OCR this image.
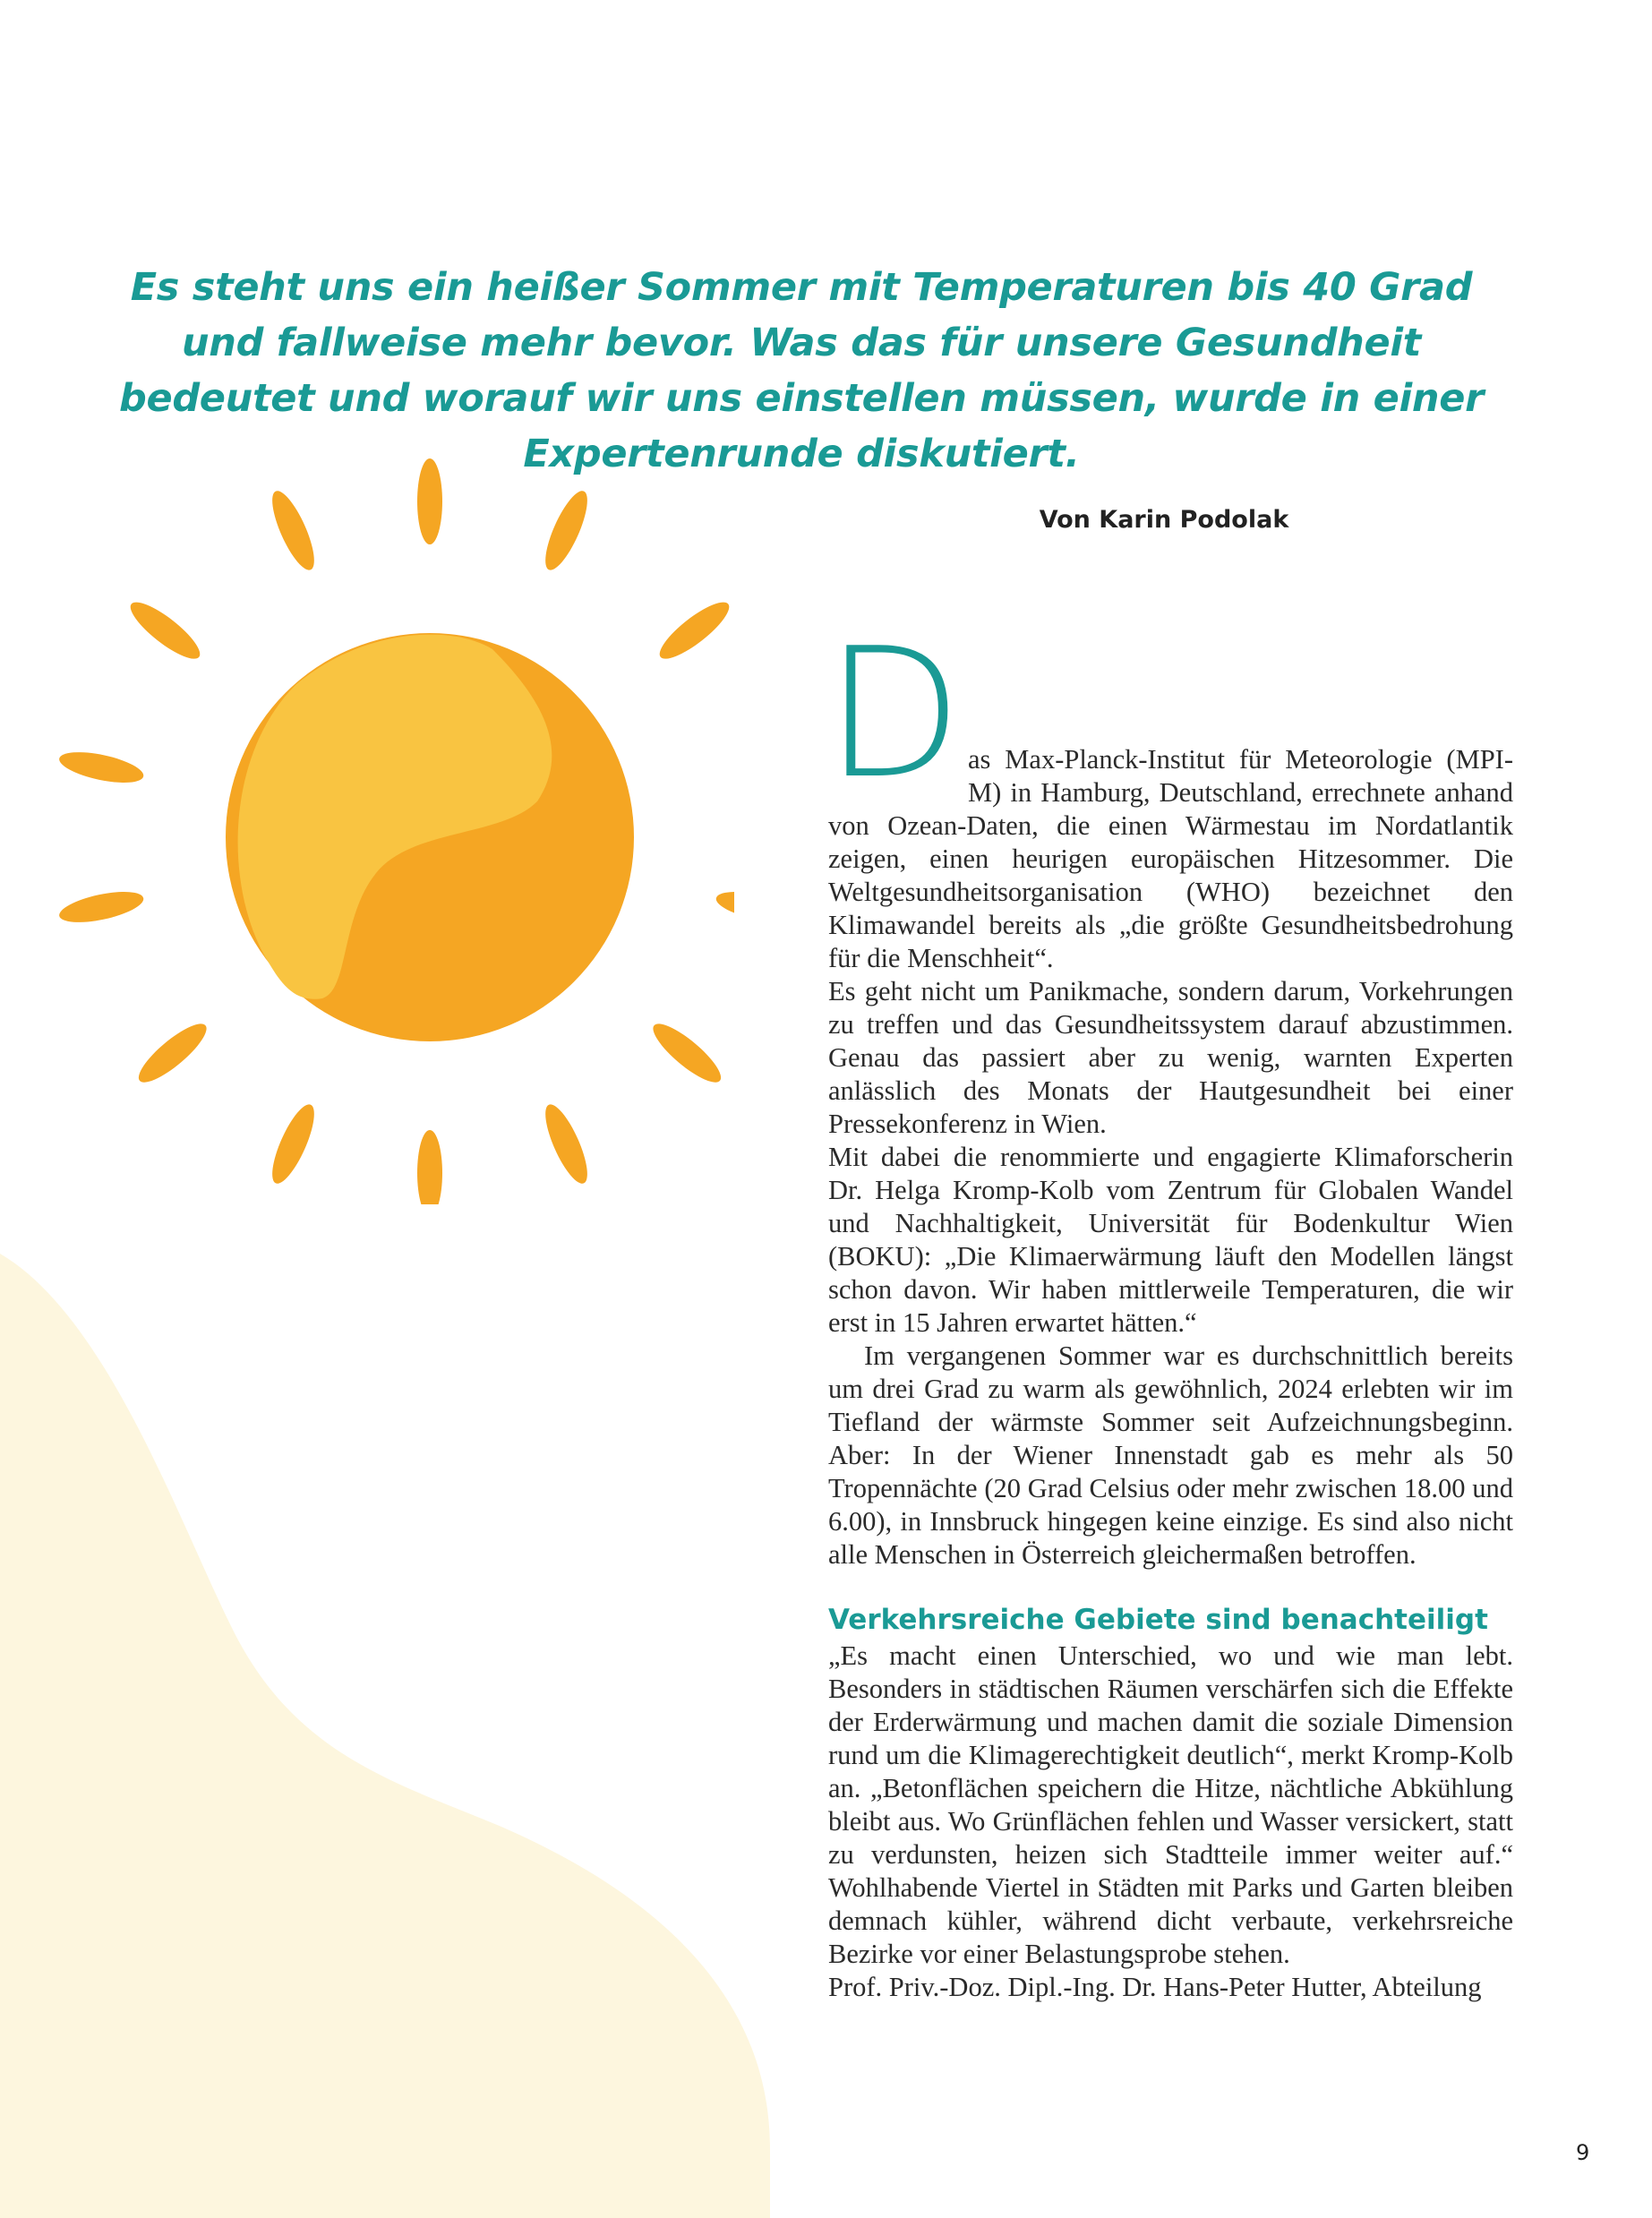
Es steht uns ein heißer Sommer mit Temperaturen bis 40 Grad und fallweise mehr bevor. Was das für unsere Gesundheit bedeutet und worauf wir uns einstellen müssen, wurde in einer Expertenrunde diskutiert.

Von Karin Podolak
D as Max-Planck-Institut für Meteorologie (MPI-M) in Hamburg, Deutschland, errechnete anhand von Ozean-Daten, die einen Wärmestau im Nordatlantik zeigen, einen heurigen europäischen Hitzesommer. Die Weltgesundheitsorganisation (WHO) bezeichnet den Klimawandel bereits als „die größte Gesundheitsbedrohung für die Menschheit“.

Es geht nicht um Panikmache, sondern darum, Vorkehrungen zu treffen und das Gesundheitssystem darauf abzustimmen. Genau das passiert aber zu wenig, warnten Experten anlässlich des Monats der Hautgesundheit bei einer Pressekonferenz in Wien.

Mit dabei die renommierte und engagierte Klimaforscherin Dr. Helga Kromp-Kolb vom Zentrum für Globalen Wandel und Nachhaltigkeit, Universität für Bodenkultur Wien (BOKU): „Die Klimaerwärmung läuft den Modellen längst schon davon. Wir haben mittlerweile Temperaturen, die wir erst in 15 Jahren erwartet hätten.“

Im vergangenen Sommer war es durchschnittlich bereits um drei Grad zu warm als gewöhnlich, 2024 erlebten wir im Tiefland der wärmste Sommer seit Aufzeichnungsbeginn. Aber: In der Wiener Innenstadt gab es mehr als 50 Tropennächte (20 Grad Celsius oder mehr zwischen 18.00 und 6.00), in Innsbruck hingegen keine einzige. Es sind also nicht alle Menschen in Österreich gleichermaßen betroffen.

Verkehrsreiche Gebiete sind benachteiligt

„Es macht einen Unterschied, wo und wie man lebt. Besonders in städtischen Räumen verschärfen sich die Effekte der Erderwärmung und machen damit die soziale Dimension rund um die Klimagerechtigkeit deutlich“, merkt Kromp-Kolb an. „Betonflächen speichern die Hitze, nächtliche Abkühlung bleibt aus. Wo Grünflächen fehlen und Wasser versickert, statt zu verdunsten, heizen sich Stadtteile immer weiter auf.“ Wohlhabende Viertel in Städten mit Parks und Garten bleiben demnach kühler, während dicht verbaute, verkehrsreiche Bezirke vor einer Belastungsprobe stehen.

Prof. Priv.-Doz. Dipl.-Ing. Dr. Hans-Peter Hutter, Abteilung

9
